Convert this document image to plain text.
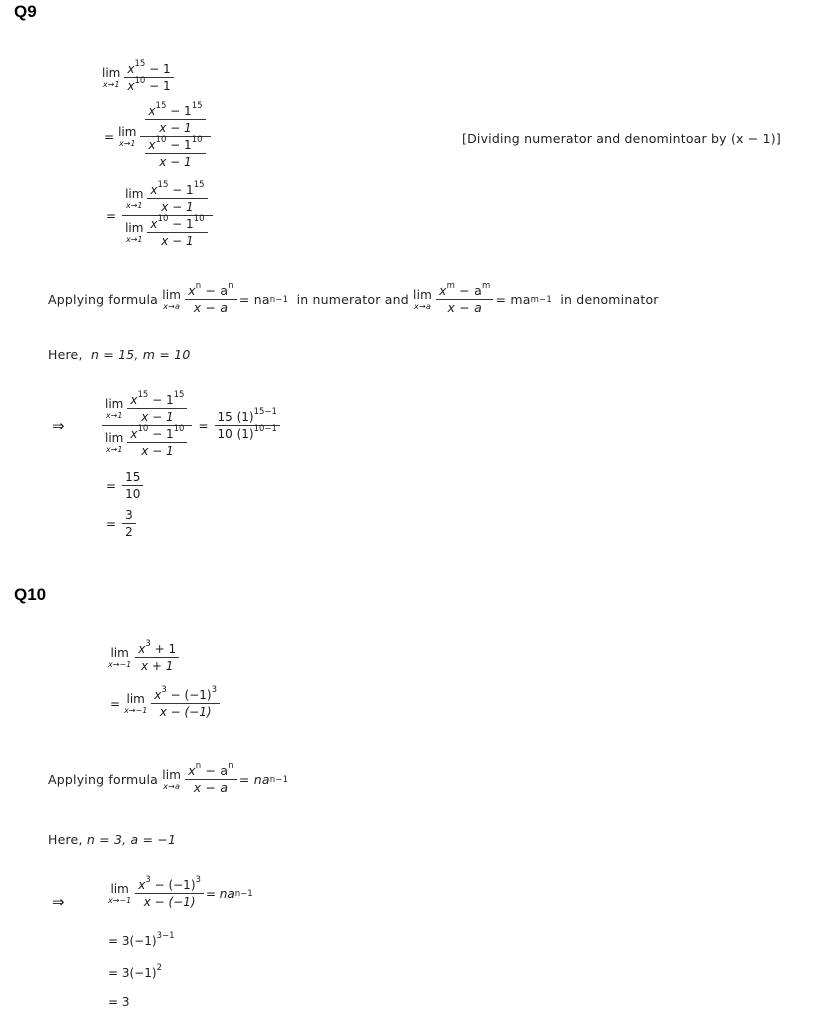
Q9
lim
$x\to 1 \frac{x^{15} - 1}{x^{10} - 1}$
= lim
$x\to 1 \frac{\frac{x^{15} - 1^{15}}{x - 1}}{\frac{x^{10} - 1^{10}}{x - 1}}$	[Dividing numerator and denomintoar by (x − 1)]
= lim
$x\to 1 \frac{x^{15} - 1^{15}}{x - 1}$
lim
$x\to 1 \frac{x^{10} - 1^{10}}{x - 1}$
Applying formula
lim
$x\to a \frac{x^n - a^n}{x - a}$ = na n−1
in numerator and
lim
$x\to a \frac{x^m - a^m}{x - a}$ = ma m−1
in denominator
Here,
n = 15, m = 10
⇒	lim
$x\to 1 \frac{x^{15} - 1^{15}}{x - 1}$
lim
$x\to 1 \frac{x^{10} - 1^{10}}{x - 1} = \frac{15 (1)^{15-1}}{10 (1)^{10-1}}$
= $\frac{15}{10}$
= $\frac{3}{2}$
Q10
lim
$x\to-1 \frac{x^3 + 1}{x + 1}$
= lim
$x\to-1 \frac{x^3 - (-1)^3}{x - (-1)}$
Applying formula
lim
$x\to a \frac{x^n - a^n}{x - a}$ = na n−1
Here,
n = 3, a = −1
⇒
lim
$x\to-1 \frac{x^3 - (-1)^3}{x - (-1)}$ = na n−1
= $3(-1)^{3-1}$
= $3(-1)^2$
= 3
